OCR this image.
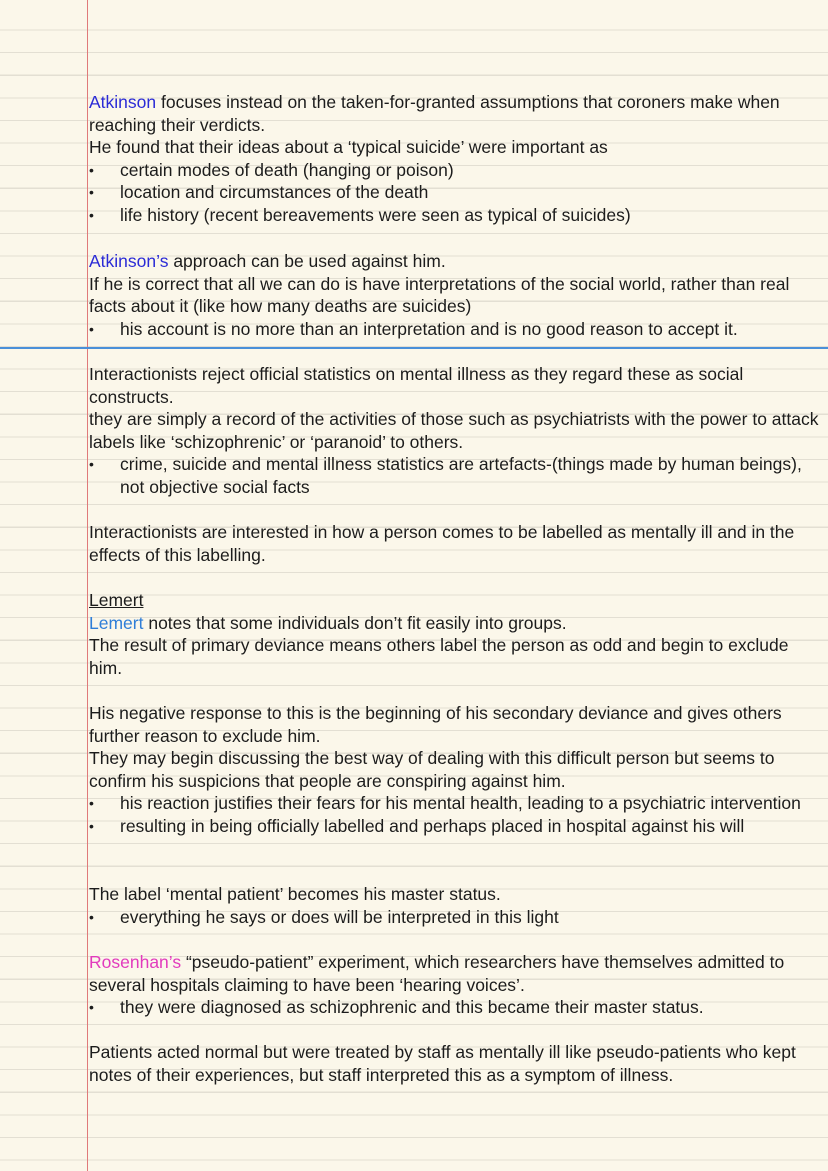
Atkinson focuses instead on the taken-for-granted assumptions that coroners make when reaching their verdicts.

He found that their ideas about a ‘typical suicide’ were important as

• certain modes of death (hanging or poison)
• location and circumstances of the death
• life history (recent bereavements were seen as typical of suicides)

Atkinson’s approach can be used against him.

If he is correct that all we can do is have interpretations of the social world, rather than real facts about it (like how many deaths are suicides)

• his account is no more than an interpretation and is no good reason to accept it.

Interactionists reject official statistics on mental illness as they regard these as social constructs.

they are simply a record of the activities of those such as psychiatrists with the power to attack labels like ‘schizophrenic’ or ‘paranoid’ to others.

• crime, suicide and mental illness statistics are artefacts-(things made by human beings), not objective social facts

Interactionists are interested in how a person comes to be labelled as mentally ill and in the effects of this labelling.

Lemert

Lemert notes that some individuals don’t fit easily into groups.

The result of primary deviance means others label the person as odd and begin to exclude him.

His negative response to this is the beginning of his secondary deviance and gives others further reason to exclude him.

They may begin discussing the best way of dealing with this difficult person but seems to confirm his suspicions that people are conspiring against him.

• his reaction justifies their fears for his mental health, leading to a psychiatric intervention
• resulting in being officially labelled and perhaps placed in hospital against his will

The label ‘mental patient’ becomes his master status.

• everything he says or does will be interpreted in this light

Rosenhan’s “pseudo-patient” experiment, which researchers have themselves admitted to several hospitals claiming to have been ‘hearing voices’.

• they were diagnosed as schizophrenic and this became their master status.

Patients acted normal but were treated by staff as mentally ill like pseudo-patients who kept notes of their experiences, but staff interpreted this as a symptom of illness.
